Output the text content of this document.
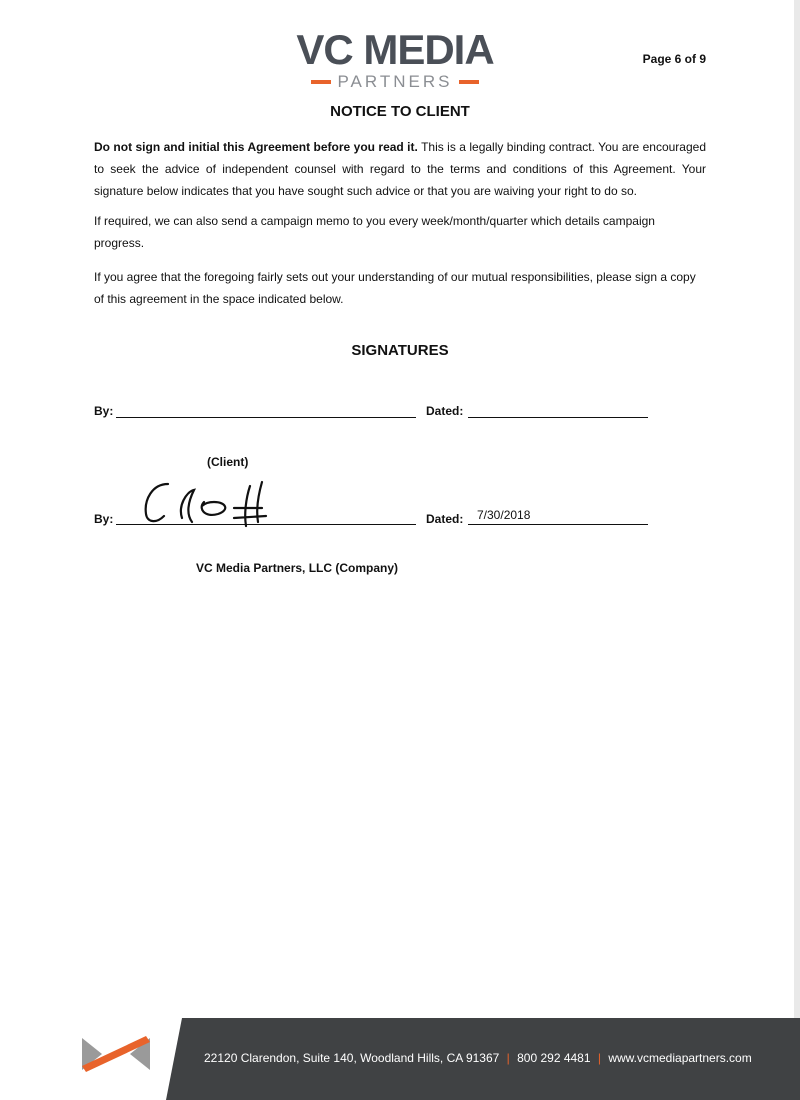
VC MEDIA
PARTNERS
Page 6 of 9
NOTICE TO CLIENT

Do not sign and initial this Agreement before you read it. This is a legally binding contract. You are encouraged to seek the advice of independent counsel with regard to the terms and conditions of this Agreement. Your signature below indicates that you have sought such advice or that you are waiving your right to do so.

If required, we can also send a campaign memo to you every week/month/quarter which details campaign progress.

If you agree that the foregoing fairly sets out your understanding of our mutual responsibilities, please sign a copy of this agreement in the space indicated below.

SIGNATURES
By:	Dated:
(Client)
By:	Dated: 7/30/2018
VC Media Partners, LLC (Company)
22120 Clarendon, Suite 140, Woodland Hills, CA 91367 | 800 292 4481 | www.vcmediapartners.com
